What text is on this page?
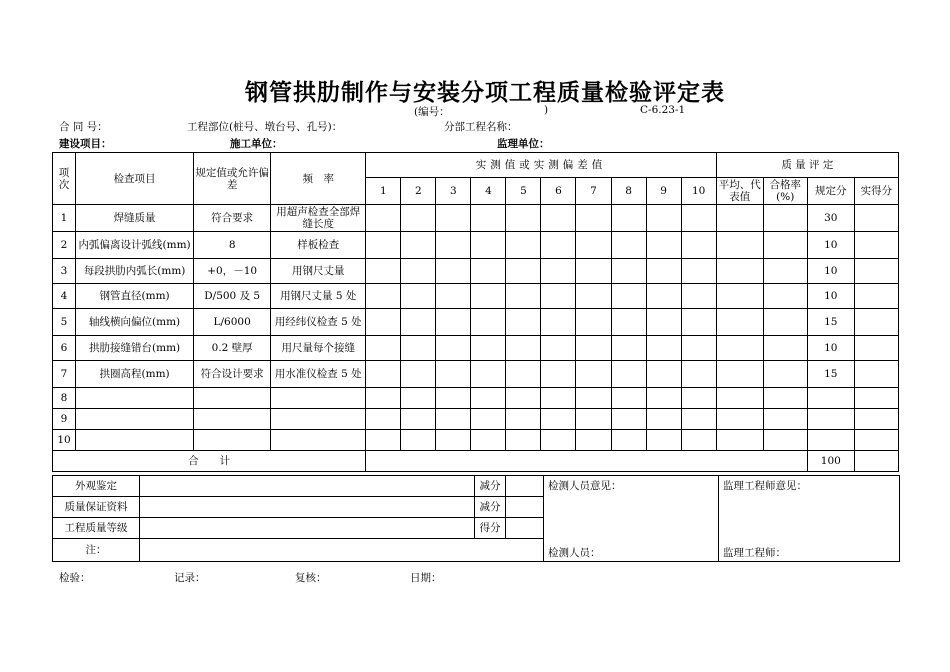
钢管拱肋制作与安装分项工程质量检验评定表
(编号：	)	C-6.23-1
合 同 号：	工程部位(桩号、墩台号、孔号)：	分部工程名称：
建设项目：	施工单位：	监理单位：
项 次	检查项目	规定值或允许偏差	频　率	实测值或实测偏差值										质 量 评 定			
				1	2	3	4	5	6	7	8	9	10	平均、代表值	合格率(%)	规定分	实得分
1	焊缝质量	符合要求	用超声检查全部焊缝长度													30	
2	内弧偏离设计弧线(mm)	8	样板检查													10	
3	每段拱肋内弧长(mm)	+0，－10	用钢尺丈量													10	
4	钢管直径(mm)	D/500 及 5	用钢尺丈量 5 处													10	
5	轴线横向偏位(mm)	L/6000	用经纬仪检查 5 处													15	
6	拱肋接缝错台(mm)	0.2 壁厚	用尺量每个接缝													10	
7	拱圈高程(mm)	符合设计要求	用水准仪检查 5 处													15	
8																	
9																	
10																	
合　　计																100	
外观鉴定		减分		检测人员意见：
检测人员：	监理工程师意见：
监理工程师：

质量保证资料		减分			
工程质量等级		得分			
注：					
检验：	记录：	复核：	日期：
